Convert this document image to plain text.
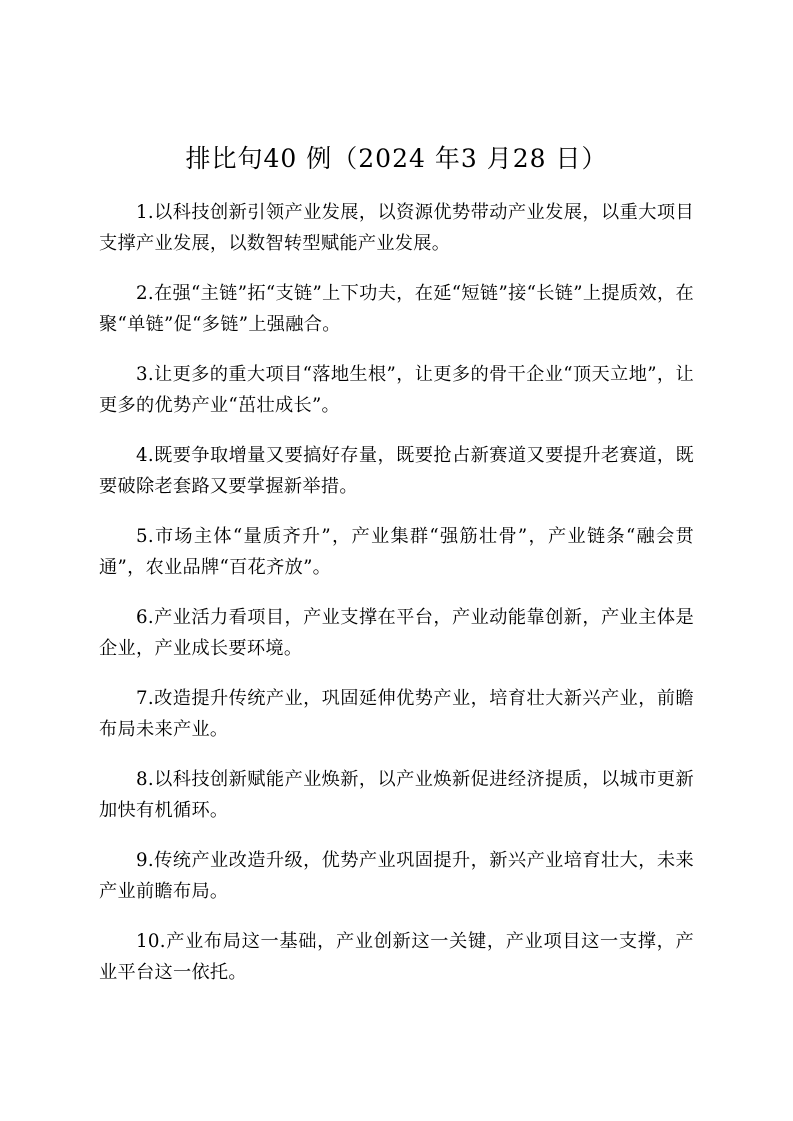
排比句40 例（2024 年3 月28 日）

1.以科技创新引领产业发展，以资源优势带动产业发展，以重大项目支撑产业发展，以数智转型赋能产业发展。

2.在强“主链”拓“支链”上下功夫，在延“短链”接“长链”上提质效，在聚“单链”促“多链”上强融合。

3.让更多的重大项目“落地生根”，让更多的骨干企业“顶天立地”，让更多的优势产业“茁壮成长”。

4.既要争取增量又要搞好存量，既要抢占新赛道又要提升老赛道，既要破除老套路又要掌握新举措。

5.市场主体“量质齐升”，产业集群“强筋壮骨”，产业链条“融会贯通”，农业品牌“百花齐放”。

6.产业活力看项目，产业支撑在平台，产业动能靠创新，产业主体是企业，产业成长要环境。

7.改造提升传统产业，巩固延伸优势产业，培育壮大新兴产业，前瞻布局未来产业。

8.以科技创新赋能产业焕新，以产业焕新促进经济提质，以城市更新加快有机循环。

9.传统产业改造升级，优势产业巩固提升，新兴产业培育壮大，未来产业前瞻布局。

10.产业布局这一基础，产业创新这一关键，产业项目这一支撑，产业平台这一依托。
